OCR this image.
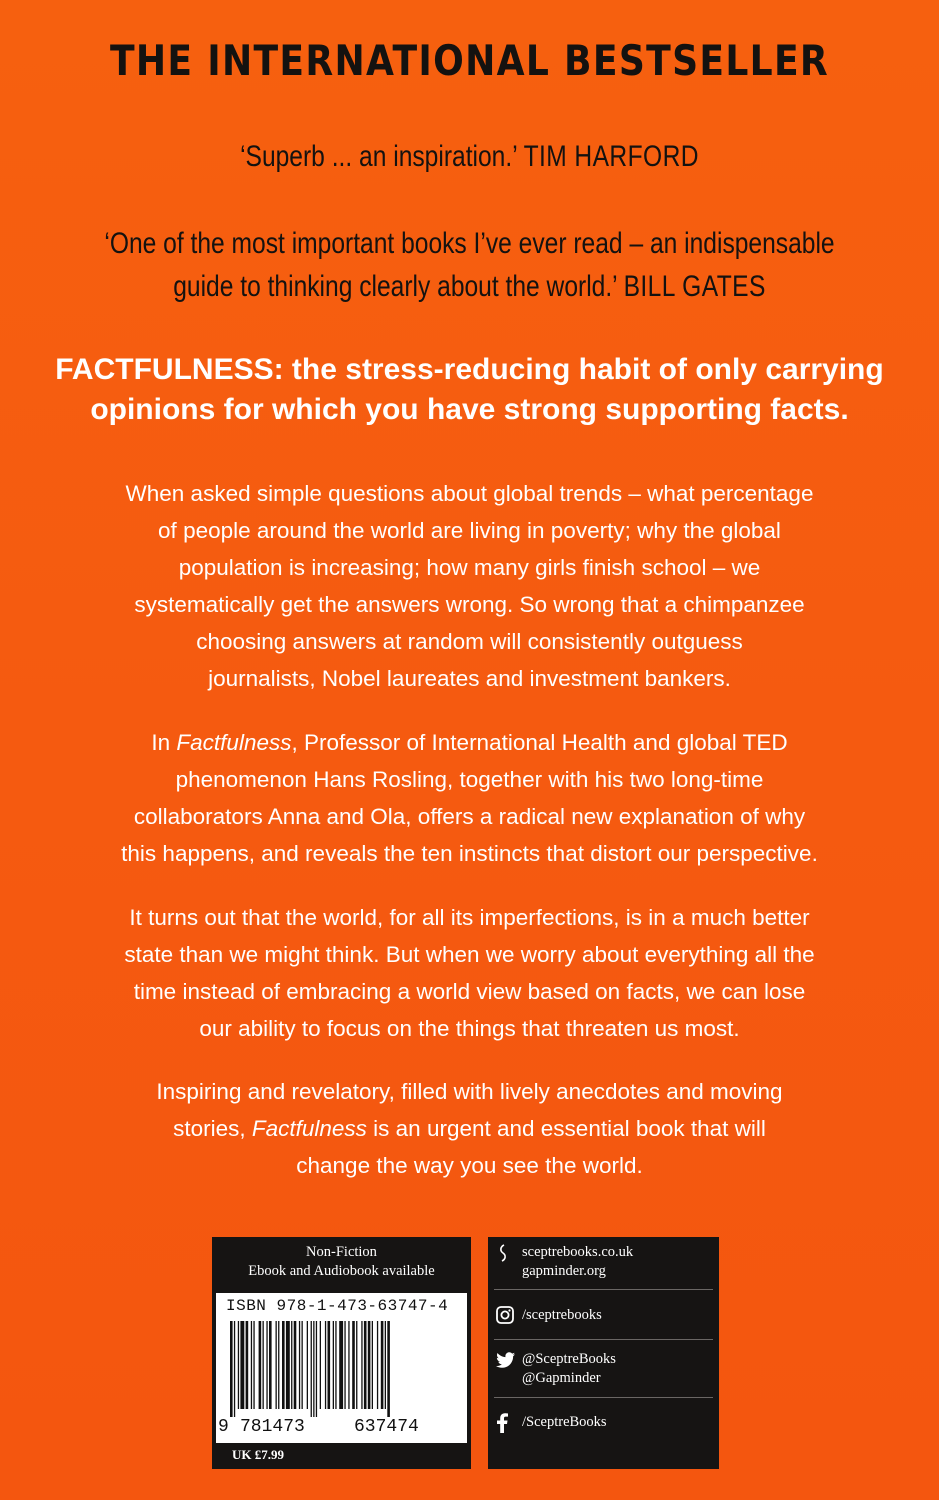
THE INTERNATIONAL BESTSELLER
‘Superb ... an inspiration.’ TIM HARFORD
‘One of the most important books I’ve ever read – an indispensable
guide to thinking clearly about the world.’ BILL GATES
FACTFULNESS: the stress-reducing habit of only carrying
opinions for which you have strong supporting facts.
When asked simple questions about global trends – what percentage
of people around the world are living in poverty; why the global
population is increasing; how many girls finish school – we
systematically get the answers wrong. So wrong that a chimpanzee
choosing answers at random will consistently outguess
journalists, Nobel laureates and investment bankers.
In Factfulness, Professor of International Health and global TED
phenomenon Hans Rosling, together with his two long-time
collaborators Anna and Ola, offers a radical new explanation of why
this happens, and reveals the ten instincts that distort our perspective.
It turns out that the world, for all its imperfections, is in a much better
state than we might think. But when we worry about everything all the
time instead of embracing a world view based on facts, we can lose
our ability to focus on the things that threaten us most.
Inspiring and revelatory, filled with lively anecdotes and moving
stories, Factfulness is an urgent and essential book that will
change the way you see the world.
Non-Fiction
Ebook and Audiobook available
ISBN 978-1-473-63747-4
9 781473	637474
UK £7.99
sceptrebooks.co.uk
gapminder.org
/sceptrebooks
@SceptreBooks
@Gapminder
/SceptreBooks
